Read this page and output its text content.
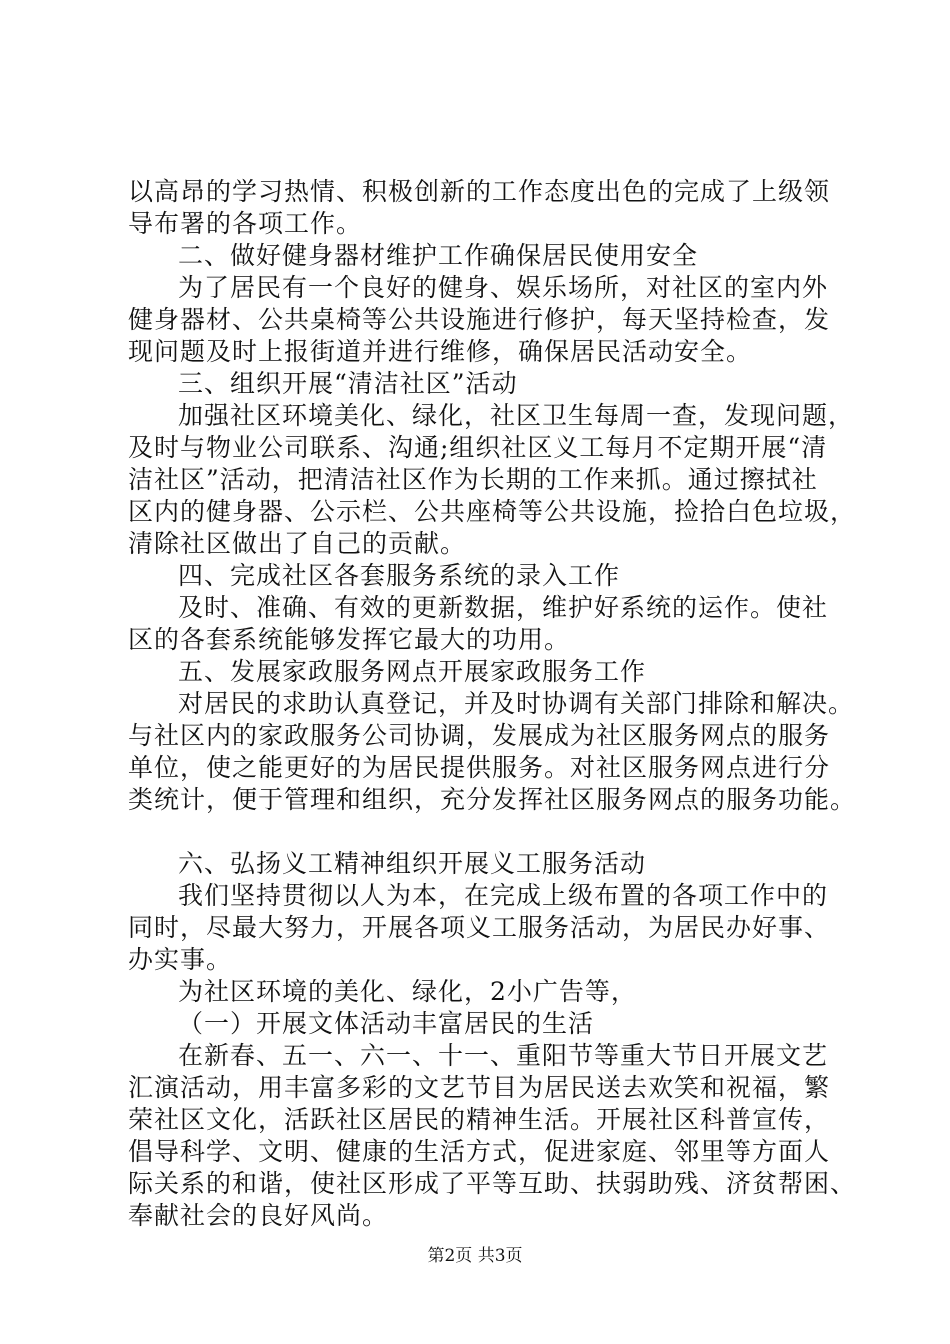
以高昂的学习热情、积极创新的工作态度出色的完成了上级领
导布署的各项工作。
二、做好健身器材维护工作确保居民使用安全
为了居民有一个良好的健身、娱乐场所，对社区的室内外
健身器材、公共桌椅等公共设施进行修护，每天坚持检查，发
现问题及时上报街道并进行维修，确保居民活动安全。
三、组织开展“清洁社区”活动
加强社区环境美化、绿化，社区卫生每周一查，发现问题，
及时与物业公司联系、沟通;组织社区义工每月不定期开展“清
洁社区”活动，把清洁社区作为长期的工作来抓。通过擦拭社
区内的健身器、公示栏、公共座椅等公共设施，捡拾白色垃圾，
清除社区做出了自己的贡献。
四、完成社区各套服务系统的录入工作
及时、准确、有效的更新数据，维护好系统的运作。使社
区的各套系统能够发挥它最大的功用。
五、发展家政服务网点开展家政服务工作
对居民的求助认真登记，并及时协调有关部门排除和解决。
与社区内的家政服务公司协调，发展成为社区服务网点的服务
单位，使之能更好的为居民提供服务。对社区服务网点进行分
类统计，便于管理和组织，充分发挥社区服务网点的服务功能。
六、弘扬义工精神组织开展义工服务活动
我们坚持贯彻以人为本，在完成上级布置的各项工作中的
同时，尽最大努力，开展各项义工服务活动，为居民办好事、
办实事。
为社区环境的美化、绿化，2小广告等，
（一）开展文体活动丰富居民的生活
在新春、五一、六一、十一、重阳节等重大节日开展文艺
汇演活动，用丰富多彩的文艺节目为居民送去欢笑和祝福，繁
荣社区文化，活跃社区居民的精神生活。开展社区科普宣传，
倡导科学、文明、健康的生活方式，促进家庭、邻里等方面人
际关系的和谐，使社区形成了平等互助、扶弱助残、济贫帮困、
奉献社会的良好风尚。
第2页 共3页
